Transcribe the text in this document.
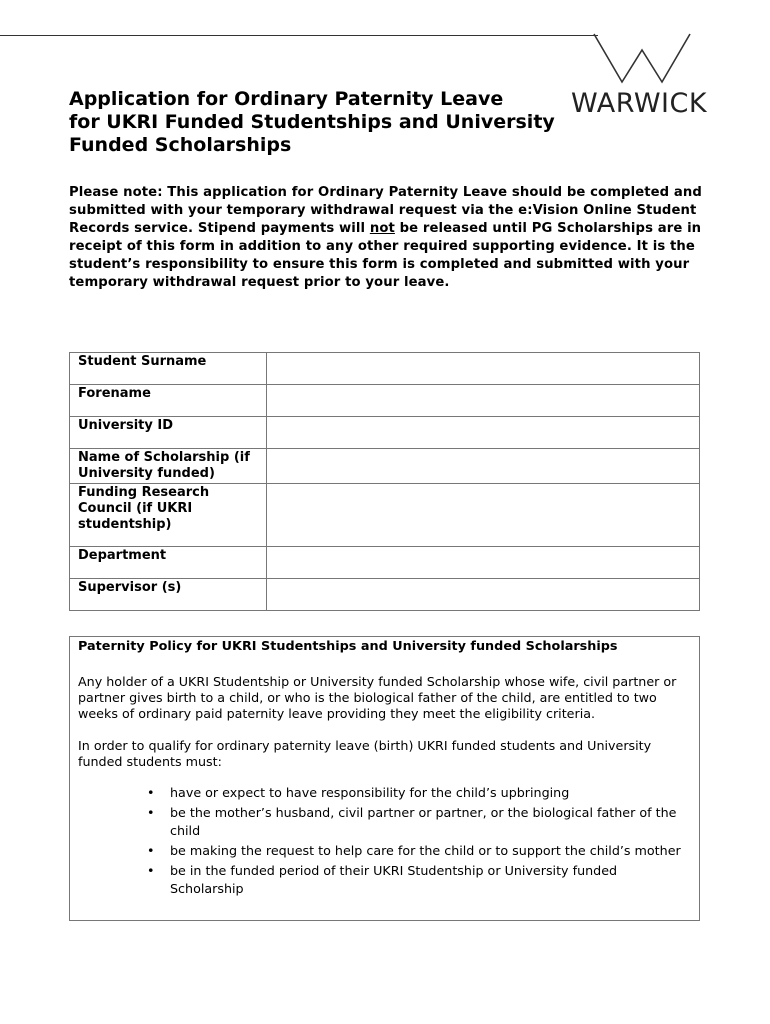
WARWICK
Application for Ordinary Paternity Leave
for UKRI Funded Studentships and University
Funded Scholarships

Please note: This application for Ordinary Paternity Leave should be completed and submitted with your temporary withdrawal request via the e:Vision Online Student Records service. Stipend payments will not be released until PG Scholarships are in receipt of this form in addition to any other required supporting evidence. It is the student’s responsibility to ensure this form is completed and submitted with your temporary withdrawal request prior to your leave.

Student Surname	
Forename	
University ID	
Name of Scholarship (if University funded)	
Funding Research Council (if UKRI studentship)	
Department	
Supervisor (s)	
Paternity Policy for UKRI Studentships and University funded Scholarships

Any holder of a UKRI Studentship or University funded Scholarship whose wife, civil partner or partner gives birth to a child, or who is the biological father of the child, are entitled to two weeks of ordinary paid paternity leave providing they meet the eligibility criteria.

In order to qualify for ordinary paternity leave (birth) UKRI funded students and University funded students must:

• have or expect to have responsibility for the child’s upbringing
• be the mother’s husband, civil partner or partner, or the biological father of the child
• be making the request to help care for the child or to support the child’s mother
• be in the funded period of their UKRI Studentship or University funded Scholarship
